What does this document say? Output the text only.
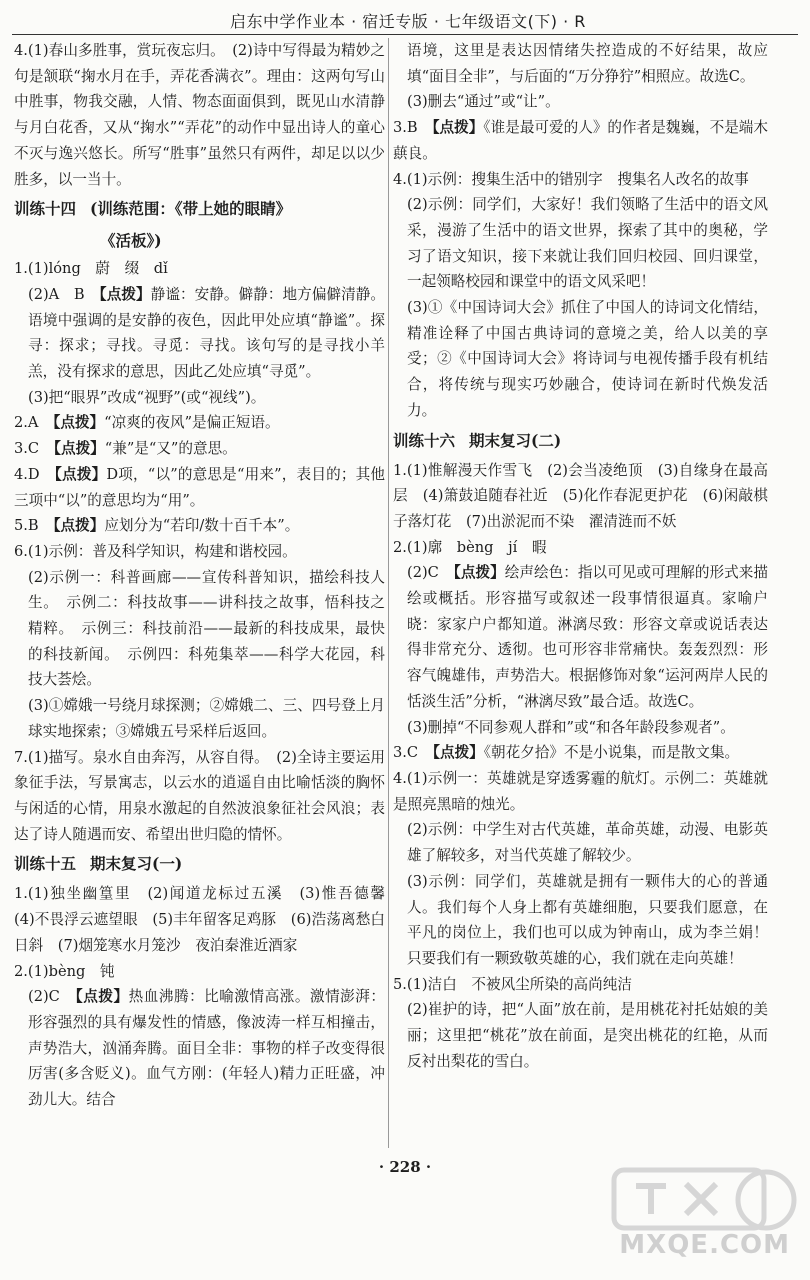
启东中学作业本 · 宿迁专版 · 七年级语文(下) · R

4.(1)春山多胜事，赏玩夜忘归。　(2)诗中写得最为精妙之句是颔联“掬水月在手，弄花香满衣”。理由：这两句写山中胜事，物我交融，人情、物态面面俱到，既见山水清静与月白花香，又从“掬水”“弄花”的动作中显出诗人的童心不灭与逸兴悠长。所写“胜事”虽然只有两件，却足以以少胜多，以一当十。

训练十四 (训练范围：《带上她的眼睛》

《活板》)

1.(1)lóng　蔚　缀　dǐ

(2)A　B　【点拨】静谧：安静。僻静：地方偏僻清静。语境中强调的是安静的夜色，因此甲处应填“静谧”。探寻：探求；寻找。寻觅：寻找。该句写的是寻找小羊羔，没有探求的意思，因此乙处应填“寻觅”。

(3)把“眼界”改成“视野”(或“视线”)。

2.A　【点拨】“凉爽的夜风”是偏正短语。

3.C　【点拨】“兼”是“又”的意思。

4.D　【点拨】D项，“以”的意思是“用来”，表目的；其他三项中“以”的意思均为“用”。

5.B　【点拨】应划分为“若印/数十百千本”。

6.(1)示例：普及科学知识，构建和谐校园。

(2)示例一：科普画廊——宣传科普知识，描绘科技人生。　示例二：科技故事——讲科技之故事，悟科技之精粹。　示例三：科技前沿——最新的科技成果，最快的科技新闻。　示例四：科苑集萃——科学大花园，科技大荟烩。

(3)①嫦娥一号绕月球探测；②嫦娥二、三、四号登上月球实地探索；③嫦娥五号采样后返回。

7.(1)描写。泉水自由奔泻，从容自得。　(2)全诗主要运用象征手法，写景寓志，以云水的逍遥自由比喻恬淡的胸怀与闲适的心情，用泉水激起的自然波浪象征社会风浪；表达了诗人随遇而安、希望出世归隐的情怀。

训练十五 期末复习(一)

1.(1)独坐幽篁里　(2)闻道龙标过五溪　(3)惟吾德馨　(4)不畏浮云遮望眼　(5)丰年留客足鸡豚　(6)浩荡离愁白日斜　(7)烟笼寒水月笼沙　夜泊秦淮近酒家

2.(1)bèng　钝

(2)C　【点拨】热血沸腾：比喻激情高涨。激情澎湃：形容强烈的具有爆发性的情感，像波涛一样互相撞击，声势浩大，汹涌奔腾。面目全非：事物的样子改变得很厉害(多含贬义)。血气方刚：(年轻人)精力正旺盛，冲劲儿大。结合

语境，这里是表达因情绪失控造成的不好结果，故应填“面目全非”，与后面的“万分狰狞”相照应。故选C。

(3)删去“通过”或“让”。

3.B　【点拨】《谁是最可爱的人》的作者是魏巍，不是端木蕻良。

4.(1)示例：搜集生活中的错别字　搜集名人改名的故事

(2)示例：同学们，大家好！我们领略了生活中的语文风采，漫游了生活中的语文世界，探索了其中的奥秘，学习了语文知识，接下来就让我们回归校园、回归课堂，一起领略校园和课堂中的语文风采吧！

(3)①《中国诗词大会》抓住了中国人的诗词文化情结，精准诠释了中国古典诗词的意境之美，给人以美的享受；②《中国诗词大会》将诗词与电视传播手段有机结合，将传统与现实巧妙融合，使诗词在新时代焕发活力。

训练十六 期末复习(二)

1.(1)惟解漫天作雪飞　(2)会当凌绝顶　(3)自缘身在最高层　(4)箫鼓追随春社近　(5)化作春泥更护花　(6)闲敲棋子落灯花　(7)出淤泥而不染　濯清涟而不妖

2.(1)廓　bèng　jí　暇

(2)C　【点拨】绘声绘色：指以可见或可理解的形式来描绘或概括。形容描写或叙述一段事情很逼真。家喻户晓：家家户户都知道。淋漓尽致：形容文章或说话表达得非常充分、透彻。也可形容非常痛快。轰轰烈烈：形容气魄雄伟，声势浩大。根据修饰对象“运河两岸人民的恬淡生活”分析，“淋漓尽致”最合适。故选C。

(3)删掉“不同参观人群和”或“和各年龄段参观者”。

3.C　【点拨】《朝花夕拾》不是小说集，而是散文集。

4.(1)示例一：英雄就是穿透雾霾的航灯。示例二：英雄就是照亮黑暗的烛光。

(2)示例：中学生对古代英雄，革命英雄，动漫、电影英雄了解较多，对当代英雄了解较少。

(3)示例：同学们，英雄就是拥有一颗伟大的心的普通人。我们每个人身上都有英雄细胞，只要我们愿意，在平凡的岗位上，我们也可以成为钟南山，成为李兰娟！只要我们有一颗致敬英雄的心，我们就在走向英雄！

5.(1)洁白　不被风尘所染的高尚纯洁

(2)崔护的诗，把“人面”放在前，是用桃花衬托姑娘的美丽；这里把“桃花”放在前面，是突出桃花的红艳，从而反衬出梨花的雪白。

· 228 ·
MXQE.COM
